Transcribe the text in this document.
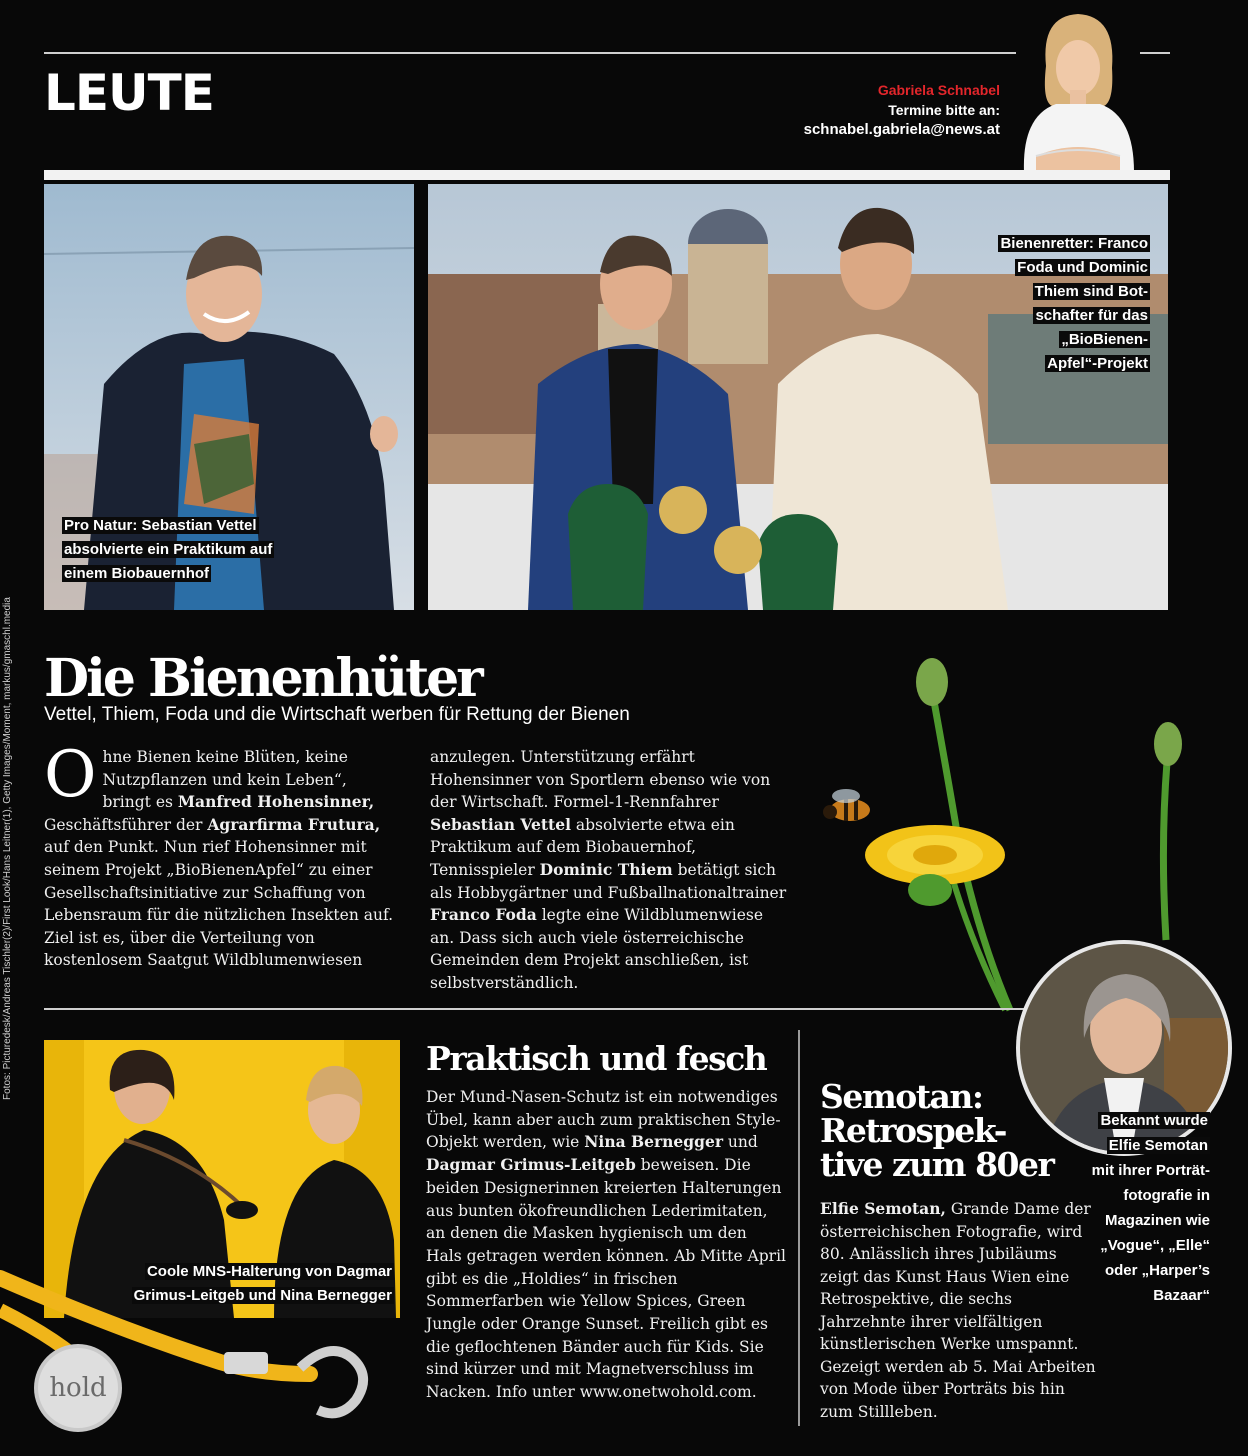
LEUTE	Gabriela Schnabel
Termine bitte an:
schnabel.gabriela@news.at
Pro Natur: Sebastian Vettel
absolvierte ein Praktikum auf
einem Biobauernhof
Bienenretter: Franco
Foda und Dominic
Thiem sind Bot-
schafter für das
„BioBienen-
Apfel“-Projekt
Fotos: Picturedesk/Andreas Tischler(2)/First Look/Hans Leitner(1), Getty Images/Moment, markus/gmaschl.media Die Bienenhüter
Vettel, Thiem, Foda und die Wirtschaft werben für Rettung der Bienen
O hne Bienen keine Blüten, keine Nutzpflanzen und kein Leben“, bringt es Manfred Hohensinner, Geschäftsführer der Agrarfirma Frutura, auf den Punkt. Nun rief Hohensinner mit seinem Projekt „BioBienenApfel“ zu einer Gesellschaftsinitiative zur Schaffung von Lebensraum für die nützlichen Insekten auf. Ziel ist es, über die Verteilung von kostenlosem Saatgut Wildblumenwiesen
anzulegen. Unterstützung erfährt Hohensinner von Sportlern ebenso wie von der Wirtschaft. Formel-1-Rennfahrer Sebastian Vettel absolvierte etwa ein Praktikum auf dem Biobauernhof, Tennisspieler Dominic Thiem betätigt sich als Hobbygärtner und Fußballnationaltrainer Franco Foda legte eine Wildblumenwiese an. Dass sich auch viele österreichische Gemeinden dem Projekt anschließen, ist selbstverständlich.
Coole MNS-Halterung von Dagmar
Grimus-Leitgeb und Nina Bernegger
hold
Praktisch und fesch
Der Mund-Nasen-Schutz ist ein notwendiges Übel, kann aber auch zum praktischen Style-Objekt werden, wie Nina Bernegger und Dagmar Grimus-Leitgeb beweisen. Die beiden Designerinnen kreierten Halterungen aus bunten ökofreundlichen Lederimitaten, an denen die Masken hygienisch um den Hals getragen werden können. Ab Mitte April gibt es die „Holdies“ in frischen Sommerfarben wie Yellow Spices, Green Jungle oder Orange Sunset. Freilich gibt es die geflochtenen Bänder auch für Kids. Sie sind kürzer und mit Magnetverschluss im Nacken. Info unter www.onetwohold.com.
Semotan:
Retrospek-
tive zum 80er
Elfie Semotan, Grande Dame der österreichischen Fotografie, wird 80. Anlässlich ihres Jubiläums zeigt das Kunst Haus Wien eine Retrospektive, die sechs Jahrzehnte ihrer vielfältigen künstlerischen Werke umspannt. Gezeigt werden ab 5. Mai Arbeiten von Mode über Porträts bis hin zum Stillleben.
Bekannt wurde
Elfie Semotan
mit ihrer Porträt-
fotografie in
Magazinen wie
„Vogue“, „Elle“
oder „Harper’s
Bazaar“
